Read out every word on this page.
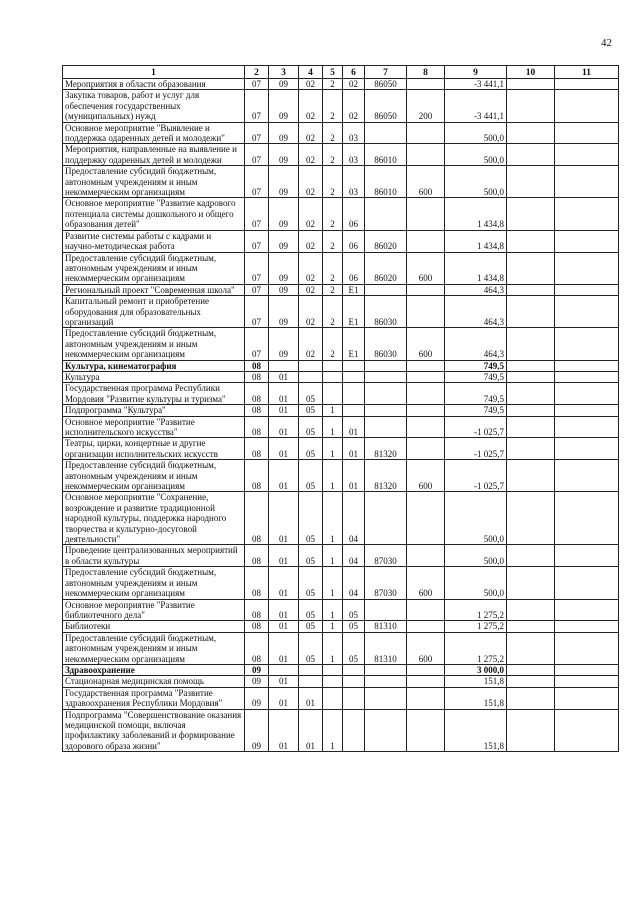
42
1	2	3	4	5	6	7	8	9	10	11
Мероприятия в области образования	07	09	02	2	02	86050		-3 441,1		
Закупка товаров, работ и услуг для обеспечения государственных (муниципальных) нужд	07	09	02	2	02	86050	200	-3 441,1		
Основное мероприятие "Выявление и поддержка одаренных детей и молодежи"	07	09	02	2	03			500,0		
Мероприятия, направленные на выявление и поддержку одаренных детей и молодежи	07	09	02	2	03	86010		500,0		
Предоставление субсидий бюджетным, автономным учреждениям и иным некоммерческим организациям	07	09	02	2	03	86010	600	500,0		
Основное мероприятие "Развитие кадрового потенциала системы дошкольного и общего образования детей"	07	09	02	2	06			1 434,8		
Развитие системы работы с кадрами и научно-методическая работа	07	09	02	2	06	86020		1 434,8		
Предоставление субсидий бюджетным, автономным учреждениям и иным некоммерческим организациям	07	09	02	2	06	86020	600	1 434,8		
Региональный проект "Современная школа"	07	09	02	2	E1			464,3		
Капитальный ремонт и приобретение оборудования для образовательных организаций	07	09	02	2	E1	86030		464,3		
Предоставление субсидий бюджетным, автономным учреждениям и иным некоммерческим организациям	07	09	02	2	E1	86030	600	464,3		
Культура, кинематография	08							749,5		
Культура	08	01						749,5		
Государственная программа Республики Мордовия "Развитие культуры и туризма"	08	01	05					749,5		
Подпрограмма "Культура"	08	01	05	1				749,5		
Основное мероприятие "Развитие исполнительского искусства"	08	01	05	1	01			-1 025,7		
Театры, цирки, концертные и другие организации исполнительских искусств	08	01	05	1	01	81320		-1 025,7		
Предоставление субсидий бюджетным, автономным учреждениям и иным некоммерческим организациям	08	01	05	1	01	81320	600	-1 025,7		
Основное мероприятие "Сохранение, возрождение и развитие традиционной народной культуры, поддержка народного творчества и культурно-досуговой деятельности"	08	01	05	1	04			500,0		
Проведение централизованных мероприятий в области культуры	08	01	05	1	04	87030		500,0		
Предоставление субсидий бюджетным, автономным учреждениям и иным некоммерческим организациям	08	01	05	1	04	87030	600	500,0		
Основное мероприятие "Развитие библиотечного дела"	08	01	05	1	05			1 275,2		
Библиотеки	08	01	05	1	05	81310		1 275,2		
Предоставление субсидий бюджетным, автономным учреждениям и иным некоммерческим организациям	08	01	05	1	05	81310	600	1 275,2		
Здравоохранение	09							3 000,0		
Стационарная медицинская помощь	09	01						151,8		
Государственная программа "Развитие здравоохранения Республики Мордовия"	09	01	01					151,8		
Подпрограмма "Совершенствование оказания медицинской помощи, включая профилактику заболеваний и формирование здорового образа жизни"	09	01	01	1				151,8		
